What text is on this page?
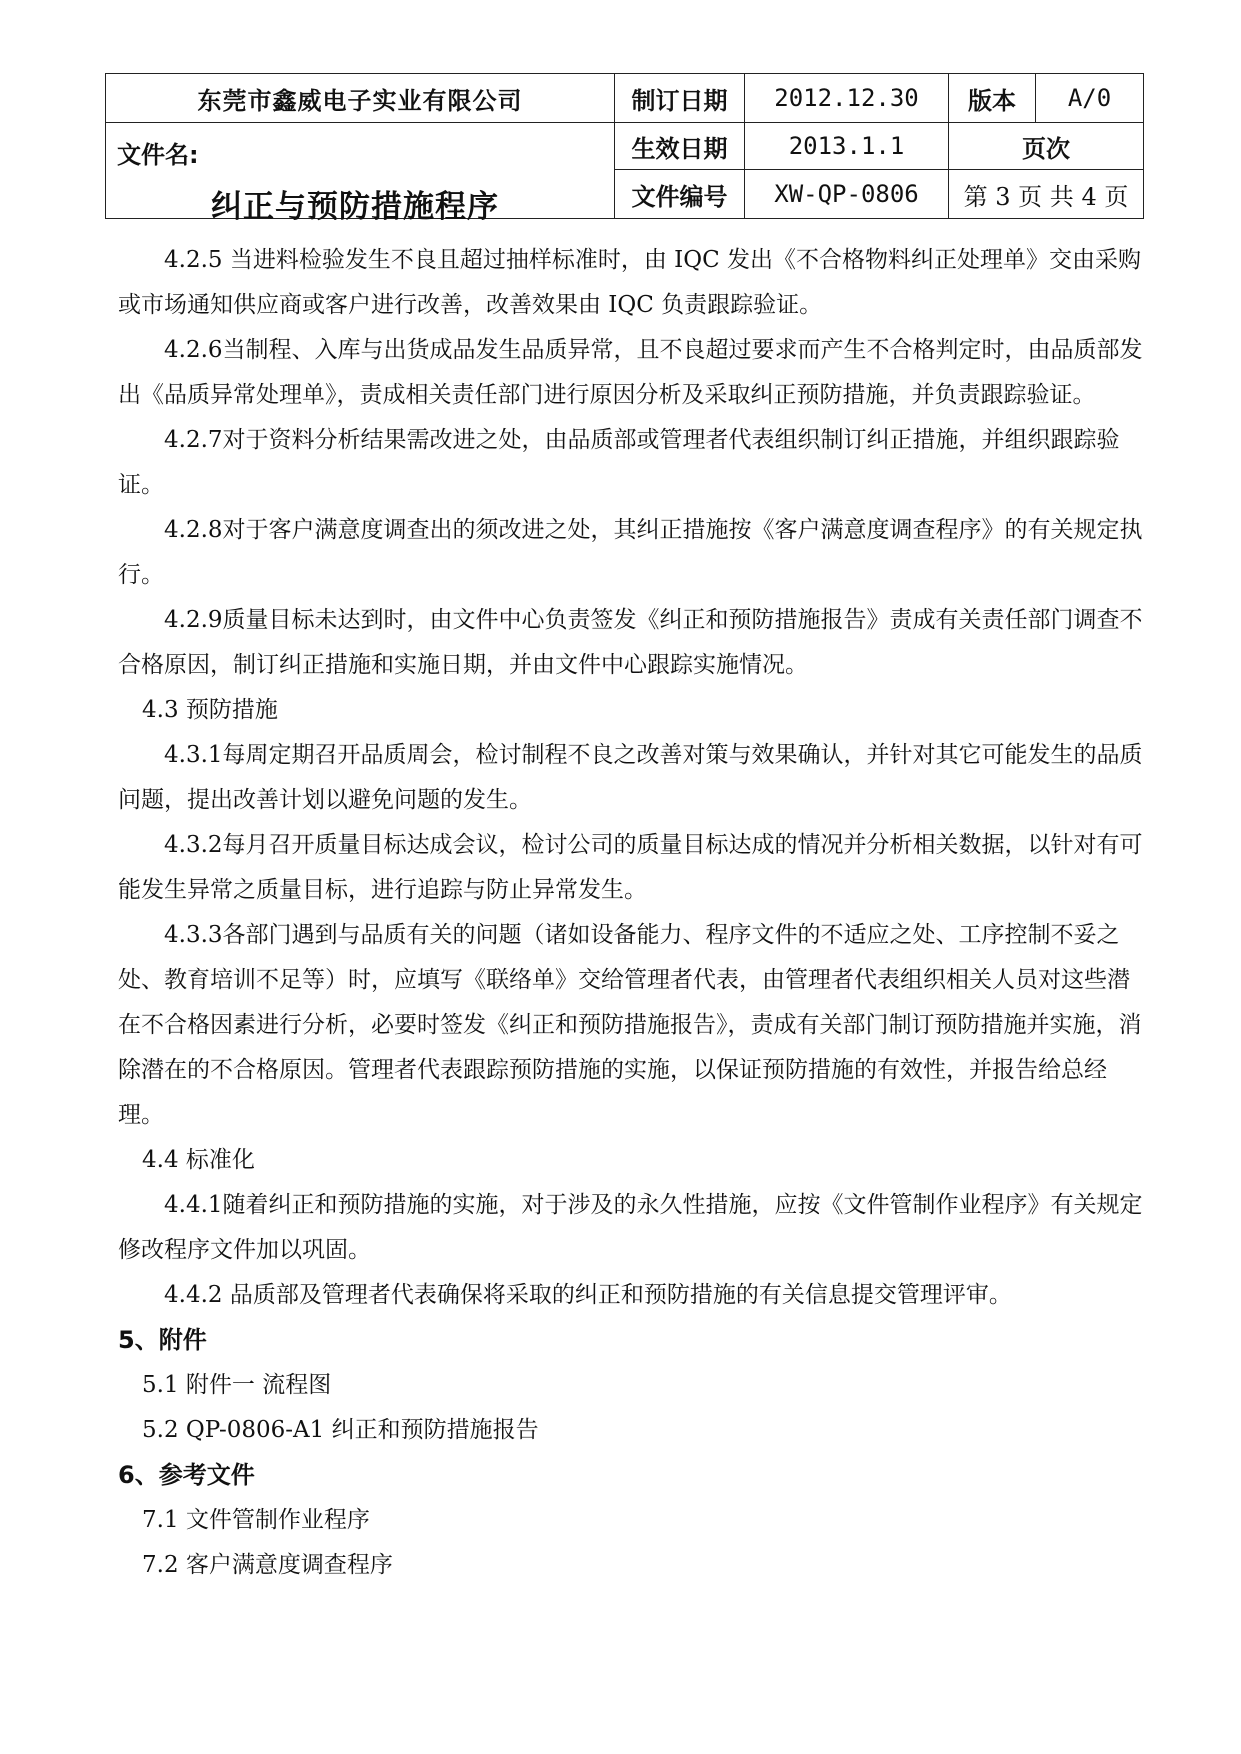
东莞市鑫威电子实业有限公司	制订日期	2012.12.30	版本	A/0

文件名:
纠正与预防措施程序	生效日期	2013.1.1	页次	
	文件编号	XW-QP-0806	第 3 页 共 4 页	

4.2.5 当进料检验发生不良且超过抽样标准时，由 IQC 发出《不合格物料纠正处理单》交由采购或市场通知供应商或客户进行改善，改善效果由 IQC 负责跟踪验证。

4.2.6当制程、入库与出货成品发生品质异常，且不良超过要求而产生不合格判定时，由品质部发出《品质异常处理单》，责成相关责任部门进行原因分析及采取纠正预防措施，并负责跟踪验证。

4.2.7对于资料分析结果需改进之处，由品质部或管理者代表组织制订纠正措施，并组织跟踪验证。

4.2.8对于客户满意度调查出的须改进之处，其纠正措施按《客户满意度调查程序》的有关规定执行。

4.2.9质量目标未达到时，由文件中心负责签发《纠正和预防措施报告》责成有关责任部门调查不合格原因，制订纠正措施和实施日期，并由文件中心跟踪实施情况。

4.3 预防措施

4.3.1每周定期召开品质周会，检讨制程不良之改善对策与效果确认，并针对其它可能发生的品质问题，提出改善计划以避免问题的发生。

4.3.2每月召开质量目标达成会议，检讨公司的质量目标达成的情况并分析相关数据，以针对有可能发生异常之质量目标，进行追踪与防止异常发生。

4.3.3各部门遇到与品质有关的问题（诸如设备能力、程序文件的不适应之处、工序控制不妥之处、教育培训不足等）时，应填写《联络单》交给管理者代表，由管理者代表组织相关人员对这些潜在不合格因素进行分析，必要时签发《纠正和预防措施报告》，责成有关部门制订预防措施并实施，消除潜在的不合格原因。管理者代表跟踪预防措施的实施，以保证预防措施的有效性，并报告给总经理。

4.4 标准化

4.4.1随着纠正和预防措施的实施，对于涉及的永久性措施，应按《文件管制作业程序》有关规定修改程序文件加以巩固。

4.4.2 品质部及管理者代表确保将采取的纠正和预防措施的有关信息提交管理评审。

5、附件

5.1 附件一 流程图

5.2 QP-0806-A1 纠正和预防措施报告

6、参考文件

7.1 文件管制作业程序

7.2 客户满意度调查程序
